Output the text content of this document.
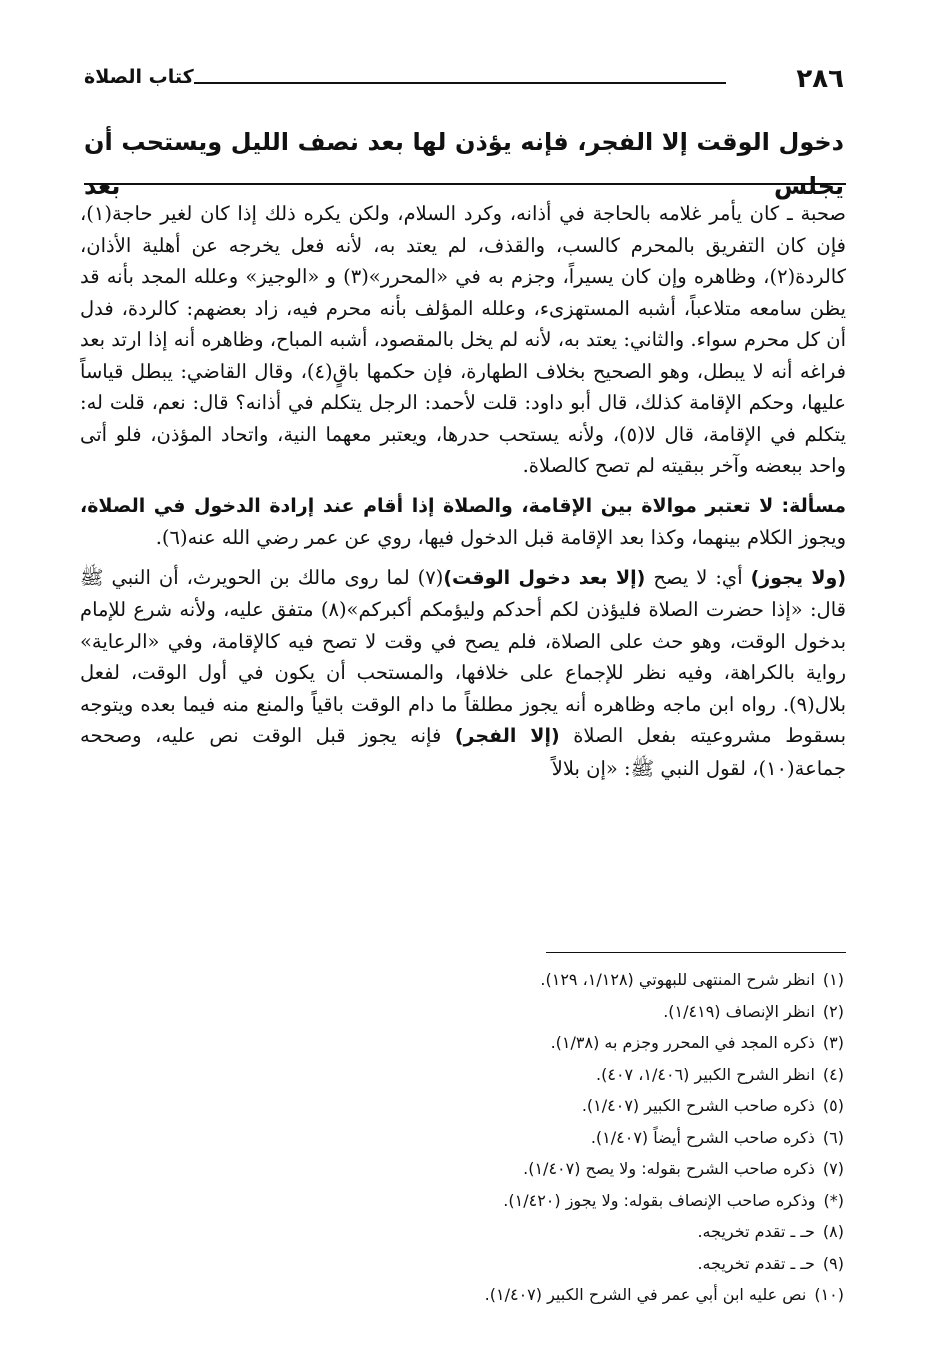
٢٨٦
كتاب الصلاة
دخول الوقت إلا الفجر، فإنه يؤذن لها بعد نصف الليل ويستحب أن يجلس بعد

صحبة ـ كان يأمر غلامه بالحاجة في أذانه، وكرد السلام، ولكن يكره ذلك إذا كان لغير حاجة(١)، فإن كان التفريق بالمحرم كالسب، والقذف، لم يعتد به، لأنه فعل يخرجه عن أهلية الأذان، كالردة(٢)، وظاهره وإن كان يسيراً، وجزم به في «المحرر»(٣) و «الوجيز» وعلله المجد بأنه قد يظن سامعه متلاعباً، أشبه المستهزىء، وعلله المؤلف بأنه محرم فيه، زاد بعضهم: كالردة، فدل أن كل محرم سواء. والثاني: يعتد به، لأنه لم يخل بالمقصود، أشبه المباح، وظاهره أنه إذا ارتد بعد فراغه أنه لا يبطل، وهو الصحيح بخلاف الطهارة، فإن حكمها باقٍ(٤)، وقال القاضي: يبطل قياساً عليها، وحكم الإقامة كذلك، قال أبو داود: قلت لأحمد: الرجل يتكلم في أذانه؟ قال: نعم، قلت له: يتكلم في الإقامة، قال لا(٥)، ولأنه يستحب حدرها، ويعتبر معهما النية، واتحاد المؤذن، فلو أتى واحد ببعضه وآخر ببقيته لم تصح كالصلاة.

مسألة: لا تعتبر موالاة بين الإقامة، والصلاة إذا أقام عند إرادة الدخول في الصلاة، ويجوز الكلام بينهما، وكذا بعد الإقامة قبل الدخول فيها، روي عن عمر رضي الله عنه(٦).

(ولا يجوز) أي: لا يصح (إلا بعد دخول الوقت)(٧) لما روى مالك بن الحويرث، أن النبي ﷺ قال: «إذا حضرت الصلاة فليؤذن لكم أحدكم وليؤمكم أكبركم»(٨) متفق عليه، ولأنه شرع للإمام بدخول الوقت، وهو حث على الصلاة، فلم يصح في وقت لا تصح فيه كالإقامة، وفي «الرعاية» رواية بالكراهة، وفيه نظر للإجماع على خلافها، والمستحب أن يكون في أول الوقت، لفعل بلال(٩). رواه ابن ماجه وظاهره أنه يجوز مطلقاً ما دام الوقت باقياً والمنع منه فيما بعده ويتوجه بسقوط مشروعيته بفعل الصلاة (إلا الفجر) فإنه يجوز قبل الوقت نص عليه، وصححه جماعة(١٠)، لقول النبي ﷺ: «إن بلالاً

(١)انظر شرح المنتهى للبهوتي (١/١٢٨، ١٢٩).
(٢)انظر الإنصاف (١/٤١٩).
(٣)ذكره المجد في المحرر وجزم به (١/٣٨).
(٤)انظر الشرح الكبير (١/٤٠٦، ٤٠٧).
(٥)ذكره صاحب الشرح الكبير (١/٤٠٧).
(٦)ذكره صاحب الشرح أيضاً (١/٤٠٧).
(٧)ذكره صاحب الشرح بقوله: ولا يصح (١/٤٠٧).
(*)وذكره صاحب الإنصاف بقوله: ولا يجوز (١/٤٢٠).
(٨)حـ ـ تقدم تخريجه.
(٩)حـ ـ تقدم تخريجه.
(١٠)نص عليه ابن أبي عمر في الشرح الكبير (١/٤٠٧).
